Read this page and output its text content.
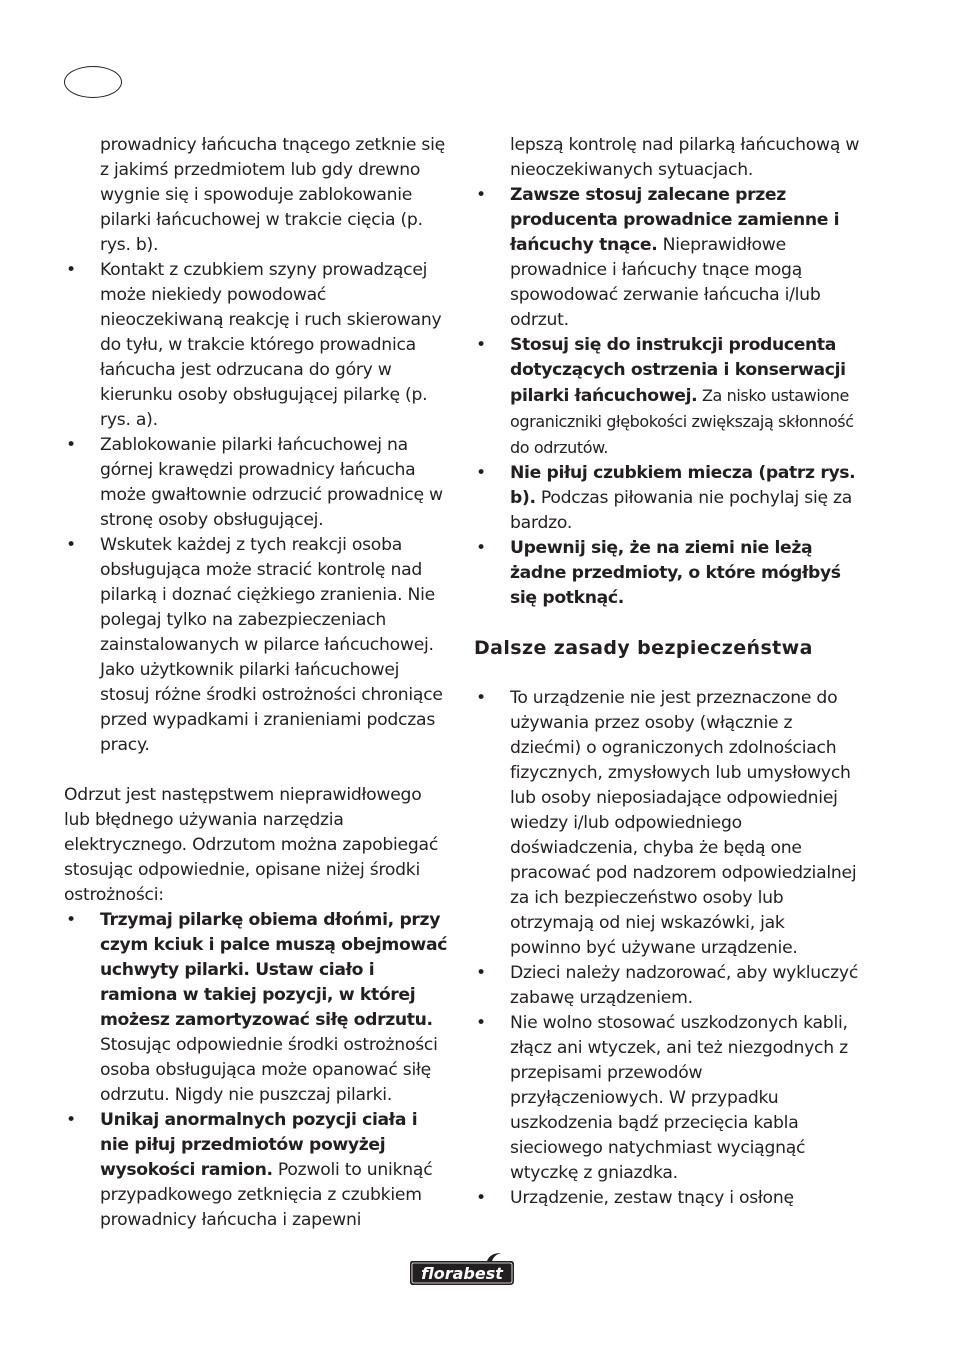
prowadnicy łańcucha tnącego zetknie się z jakimś przedmiotem lub gdy drewno wygnie się i spowoduje zablokowanie pilarki łańcuchowej w trakcie cięcia (p. rys. b).

• Kontakt z czubkiem szyny prowadzącej może niekiedy powodować nieoczekiwaną reakcję i ruch skierowany do tyłu, w trakcie którego prowadnica łańcucha jest odrzucana do góry w kierunku osoby obsługującej pilarkę (p. rys. a).

• Zablokowanie pilarki łańcuchowej na górnej krawędzi prowadnicy łańcucha może gwałtownie odrzucić prowadnicę w stronę osoby obsługującej.

• Wskutek każdej z tych reakcji osoba obsługująca może stracić kontrolę nad pilarką i doznać ciężkiego zranienia. Nie polegaj tylko na zabezpieczeniach zainstalowanych w pilarce łańcuchowej. Jako użytkownik pilarki łańcuchowej stosuj różne środki ostrożności chroniące przed wypadkami i zranieniami podczas pracy.

Odrzut jest następstwem nieprawidłowego lub błędnego używania narzędzia elektrycznego. Odrzutom można zapobiegać stosując odpowiednie, opisane niżej środki ostrożności:

• Trzymaj pilarkę obiema dłońmi, przy czym kciuk i palce muszą obejmować uchwyty pilarki. Ustaw ciało i ramiona w takiej pozycji, w której możesz zamortyzować siłę odrzutu. Stosując odpowiednie środki ostrożności osoba obsługująca może opanować siłę odrzutu. Nigdy nie puszczaj pilarki.

• Unikaj anormalnych pozycji ciała i nie piłuj przedmiotów powyżej wysokości ramion. Pozwoli to uniknąć przypadkowego zetknięcia z czubkiem prowadnicy łańcucha i zapewni

lepszą kontrolę nad pilarką łańcuchową w nieoczekiwanych sytuacjach.

• Zawsze stosuj zalecane przez producenta prowadnice zamienne i łańcuchy tnące. Nieprawidłowe prowadnice i łańcuchy tnące mogą spowodować zerwanie łańcucha i/lub odrzut.

• Stosuj się do instrukcji producenta dotyczących ostrzenia i konserwacji pilarki łańcuchowej. Za nisko ustawione ograniczniki głębokości zwiększają skłonność do odrzutów.

• Nie piłuj czubkiem miecza (patrz rys. b). Podczas piłowania nie pochylaj się za bardzo.

• Upewnij się, że na ziemi nie leżą żadne przedmioty, o które mógłbyś się potknąć.

Dalsze zasady bezpieczeństwa

• To urządzenie nie jest przeznaczone do używania przez osoby (włącznie z dziećmi) o ograniczonych zdolnościach fizycznych, zmysłowych lub umysłowych lub osoby nieposiadające odpowiedniej wiedzy i/lub odpowiedniego doświadczenia, chyba że będą one pracować pod nadzorem odpowiedzialnej za ich bezpieczeństwo osoby lub otrzymają od niej wskazówki, jak powinno być używane urządzenie.

• Dzieci należy nadzorować, aby wykluczyć zabawę urządzeniem.

• Nie wolno stosować uszkodzonych kabli, złącz ani wtyczek, ani też niezgodnych z przepisami przewodów przyłączeniowych. W przypadku uszkodzenia bądź przecięcia kabla sieciowego natychmiast wyciągnąć wtyczkę z gniazdka.

• Urządzenie, zestaw tnący i osłonę

florabest
